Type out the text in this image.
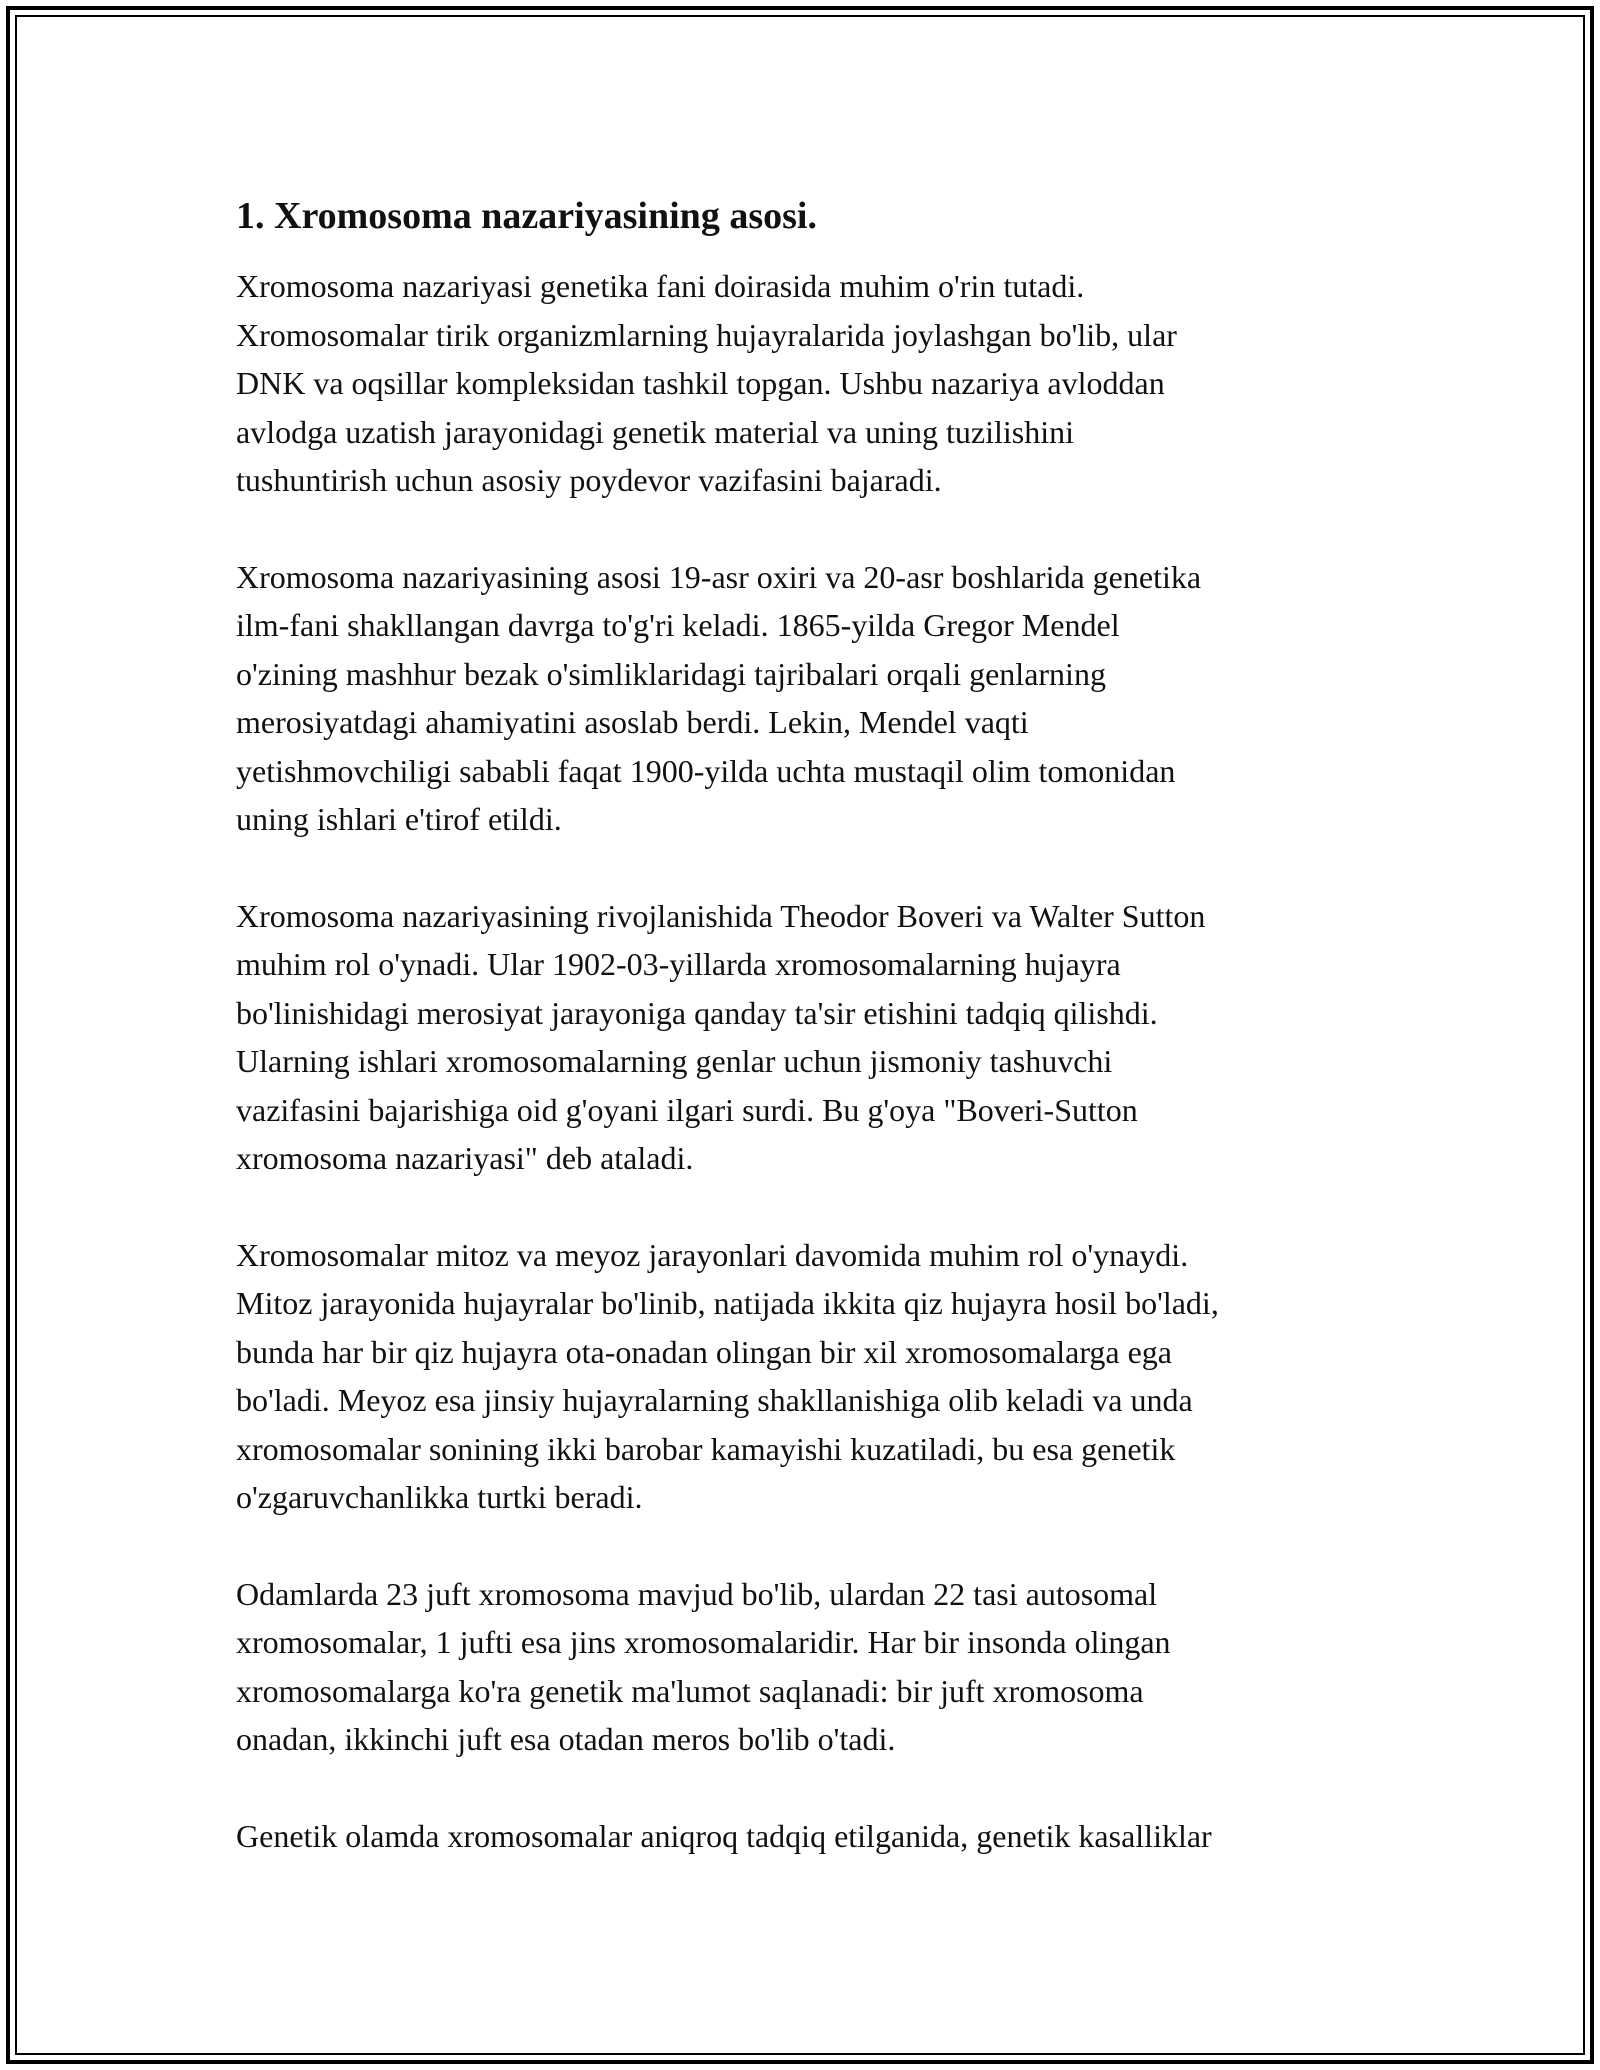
1. Xromosoma nazariyasining asosi.
Xromosoma nazariyasi genetika fani doirasida muhim o'rin tutadi.
Xromosomalar tirik organizmlarning hujayralarida joylashgan bo'lib, ular
DNK va oqsillar kompleksidan tashkil topgan. Ushbu nazariya avloddan
avlodga uzatish jarayonidagi genetik material va uning tuzilishini
tushuntirish uchun asosiy poydevor vazifasini bajaradi.
Xromosoma nazariyasining asosi 19-asr oxiri va 20-asr boshlarida genetika
ilm-fani shakllangan davrga to'g'ri keladi. 1865-yilda Gregor Mendel
o'zining mashhur bezak o'simliklaridagi tajribalari orqali genlarning
merosiyatdagi ahamiyatini asoslab berdi. Lekin, Mendel vaqti
yetishmovchiligi sababli faqat 1900-yilda uchta mustaqil olim tomonidan
uning ishlari e'tirof etildi.
Xromosoma nazariyasining rivojlanishida Theodor Boveri va Walter Sutton
muhim rol o'ynadi. Ular 1902-03-yillarda xromosomalarning hujayra
bo'linishidagi merosiyat jarayoniga qanday ta'sir etishini tadqiq qilishdi.
Ularning ishlari xromosomalarning genlar uchun jismoniy tashuvchi
vazifasini bajarishiga oid g'oyani ilgari surdi. Bu g'oya "Boveri-Sutton
xromosoma nazariyasi" deb ataladi.
Xromosomalar mitoz va meyoz jarayonlari davomida muhim rol o'ynaydi.
Mitoz jarayonida hujayralar bo'linib, natijada ikkita qiz hujayra hosil bo'ladi,
bunda har bir qiz hujayra ota-onadan olingan bir xil xromosomalarga ega
bo'ladi. Meyoz esa jinsiy hujayralarning shakllanishiga olib keladi va unda
xromosomalar sonining ikki barobar kamayishi kuzatiladi, bu esa genetik
o'zgaruvchanlikka turtki beradi.
Odamlarda 23 juft xromosoma mavjud bo'lib, ulardan 22 tasi autosomal
xromosomalar, 1 jufti esa jins xromosomalaridir. Har bir insonda olingan
xromosomalarga ko'ra genetik ma'lumot saqlanadi: bir juft xromosoma
onadan, ikkinchi juft esa otadan meros bo'lib o'tadi.
Genetik olamda xromosomalar aniqroq tadqiq etilganida, genetik kasalliklar
